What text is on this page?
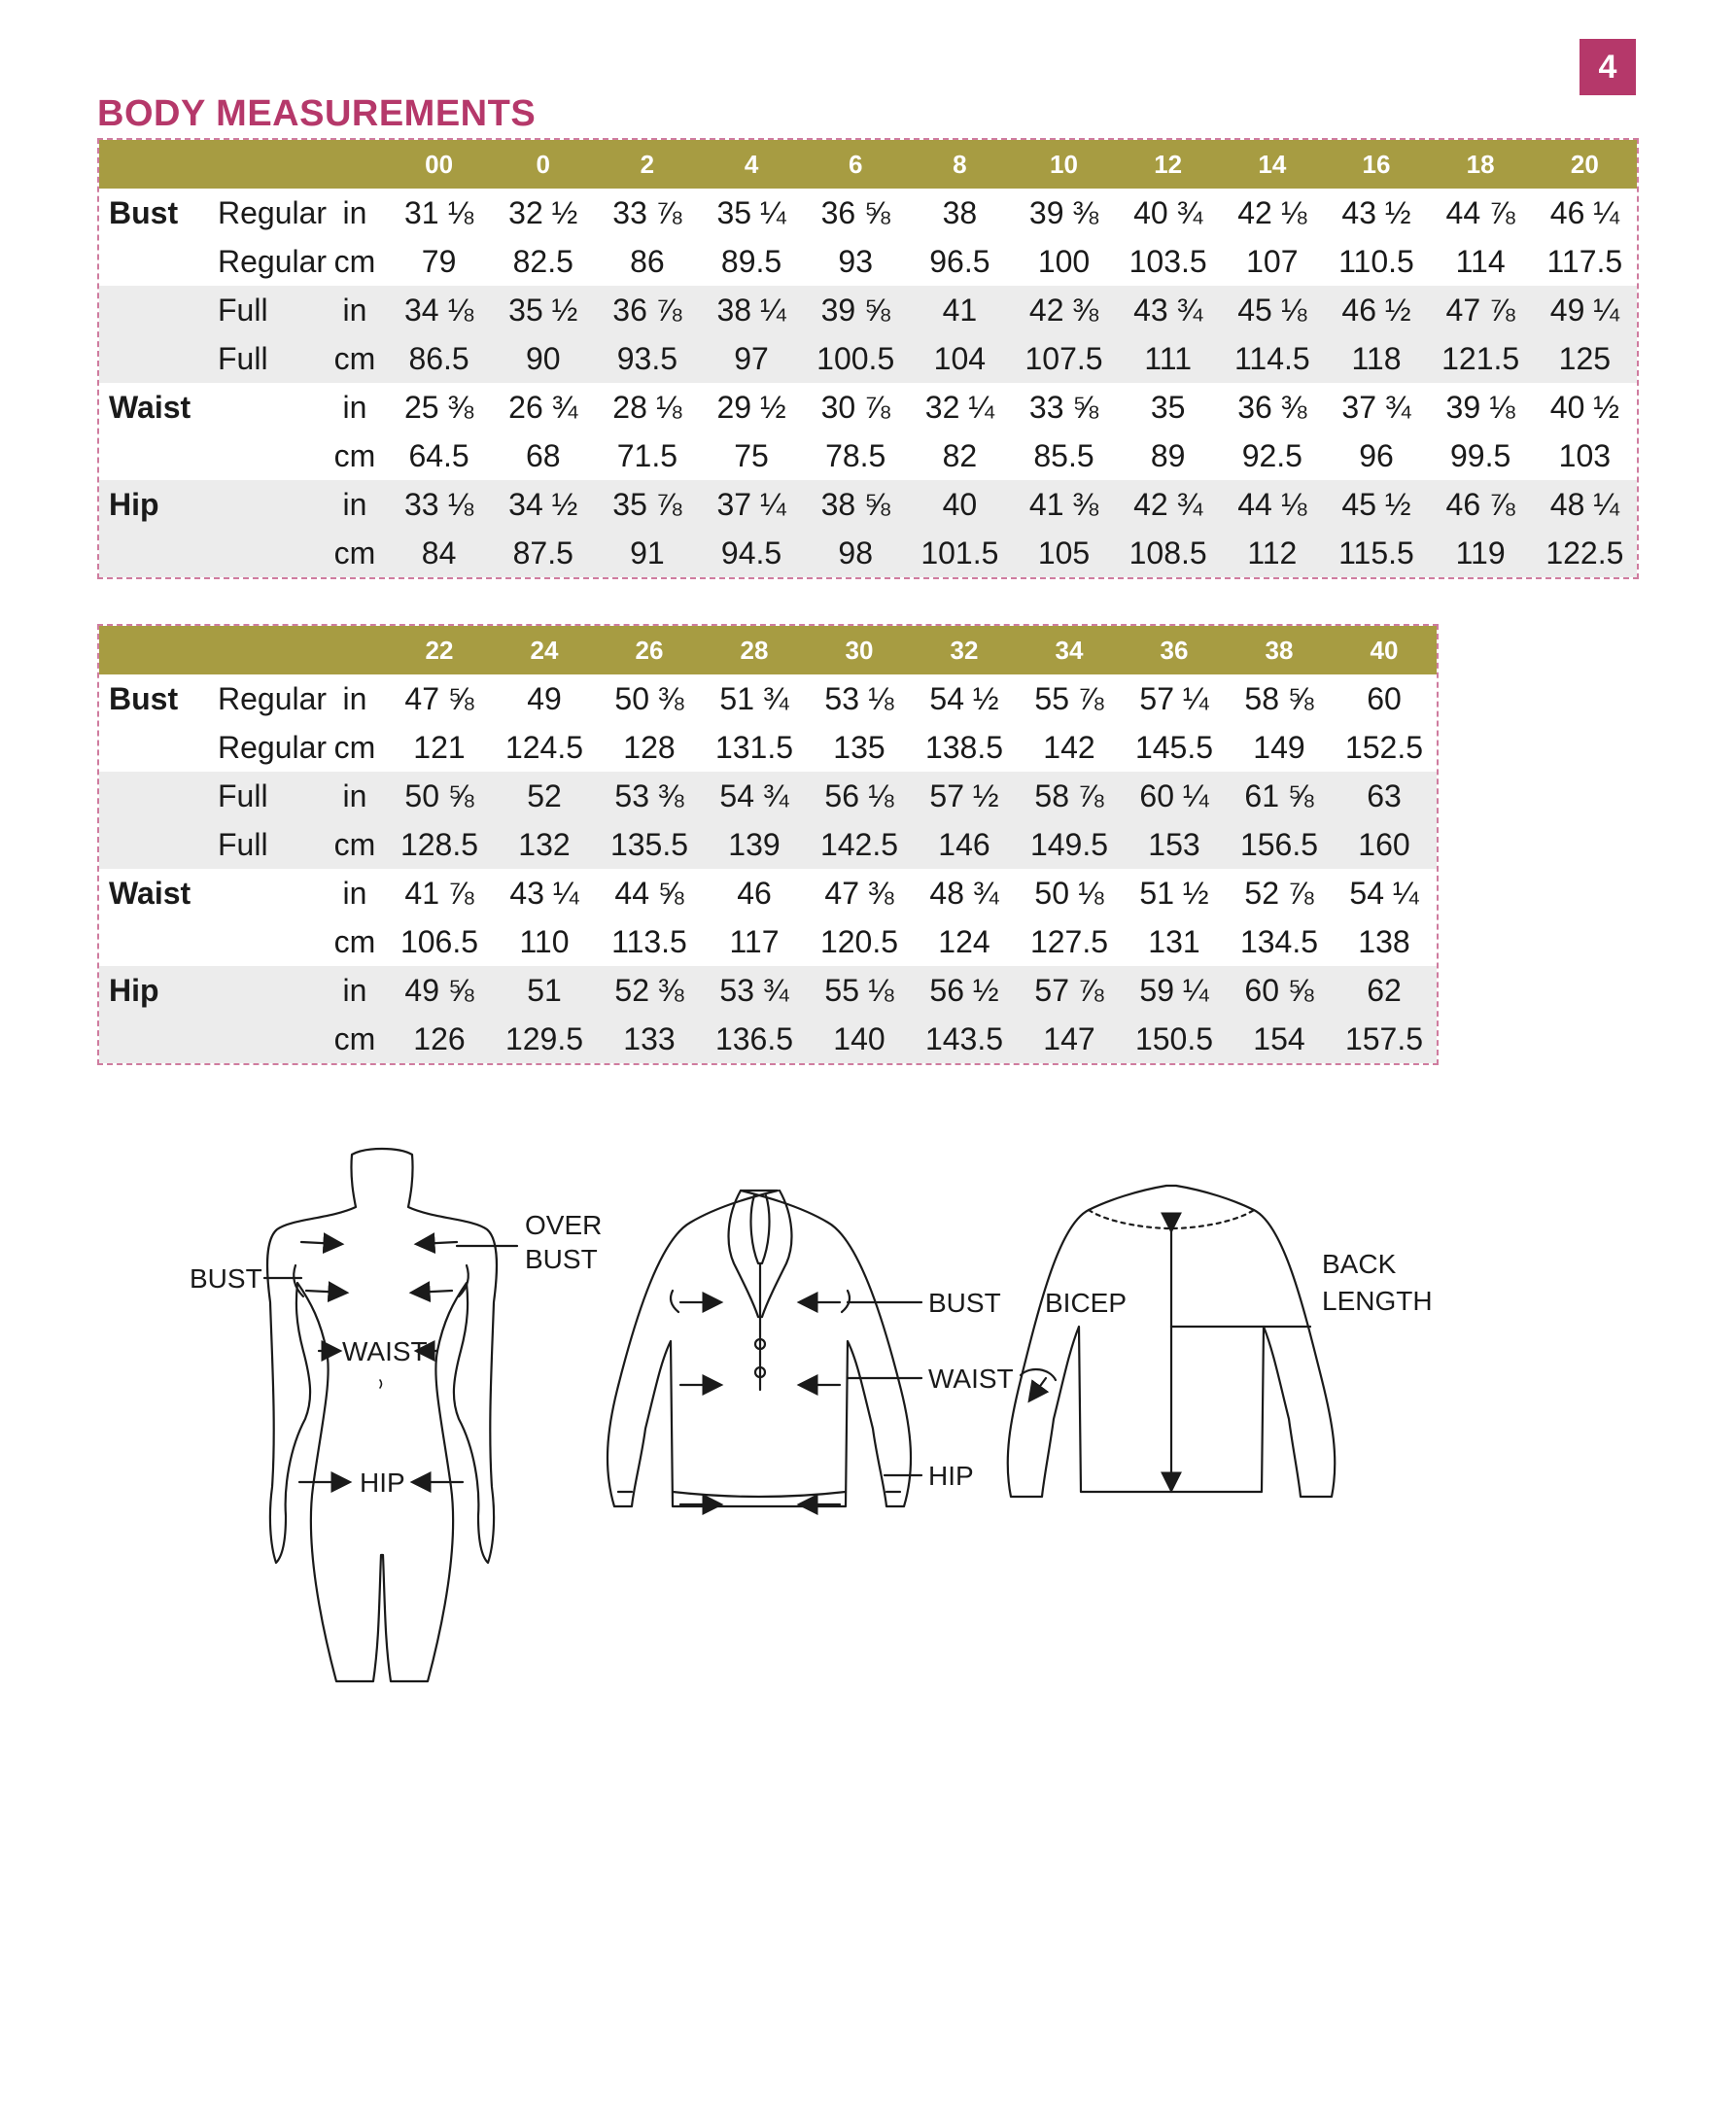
4
BODY MEASUREMENTS
			00	0	2	4	6	8	10	12	14	16	18	20
Bust	Regular	in	31 ⅛	32 ½	33 ⅞	35 ¼	36 ⅝	38	39 ⅜	40 ¾	42 ⅛	43 ½	44 ⅞	46 ¼
	Regular	cm	79	82.5	86	89.5	93	96.5	100	103.5	107	110.5	114	117.5
	Full	in	34 ⅛	35 ½	36 ⅞	38 ¼	39 ⅝	41	42 ⅜	43 ¾	45 ⅛	46 ½	47 ⅞	49 ¼
	Full	cm	86.5	90	93.5	97	100.5	104	107.5	111	114.5	118	121.5	125
Waist		in	25 ⅜	26 ¾	28 ⅛	29 ½	30 ⅞	32 ¼	33 ⅝	35	36 ⅜	37 ¾	39 ⅛	40 ½
		cm	64.5	68	71.5	75	78.5	82	85.5	89	92.5	96	99.5	103
Hip		in	33 ⅛	34 ½	35 ⅞	37 ¼	38 ⅝	40	41 ⅜	42 ¾	44 ⅛	45 ½	46 ⅞	48 ¼
		cm	84	87.5	91	94.5	98	101.5	105	108.5	112	115.5	119	122.5
			22	24	26	28	30	32	34	36	38	40
Bust	Regular	in	47 ⅝	49	50 ⅜	51 ¾	53 ⅛	54 ½	55 ⅞	57 ¼	58 ⅝	60
	Regular	cm	121	124.5	128	131.5	135	138.5	142	145.5	149	152.5
	Full	in	50 ⅝	52	53 ⅜	54 ¾	56 ⅛	57 ½	58 ⅞	60 ¼	61 ⅝	63
	Full	cm	128.5	132	135.5	139	142.5	146	149.5	153	156.5	160
Waist		in	41 ⅞	43 ¼	44 ⅝	46	47 ⅜	48 ¾	50 ⅛	51 ½	52 ⅞	54 ¼
		cm	106.5	110	113.5	117	120.5	124	127.5	131	134.5	138
Hip		in	49 ⅝	51	52 ⅜	53 ¾	55 ⅛	56 ½	57 ⅞	59 ¼	60 ⅝	62
		cm	126	129.5	133	136.5	140	143.5	147	150.5	154	157.5
BUST
OVER
BUST
WAIST
HIP
BUST
WAIST
HIP
BICEP
BACK
LENGTH
